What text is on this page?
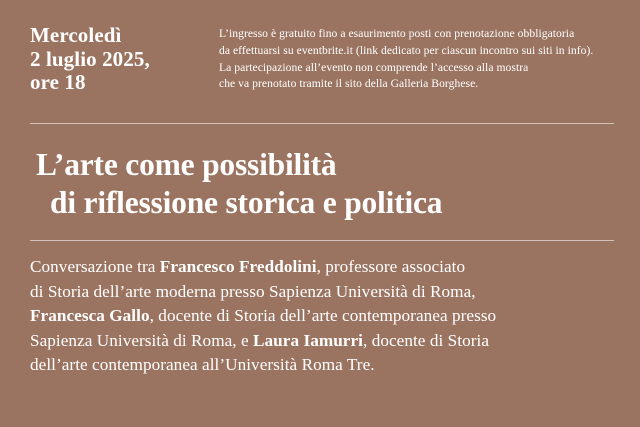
Mercoledì
2 luglio 2025,
ore 18
L’ingresso è gratuito fino a esaurimento posti con prenotazione obbligatoria
da effettuarsi su eventbrite.it (link dedicato per ciascun incontro sui siti in info).
La partecipazione all’evento non comprende l’accesso alla mostra
che va prenotato tramite il sito della Galleria Borghese.
L’arte come possibilità
di riflessione storica e politica
Conversazione tra Francesco Freddolini, professore associato
di Storia dell’arte moderna presso Sapienza Università di Roma,
Francesca Gallo, docente di Storia dell’arte contemporanea presso
Sapienza Università di Roma, e Laura Iamurri, docente di Storia
dell’arte contemporanea all’Università Roma Tre.
